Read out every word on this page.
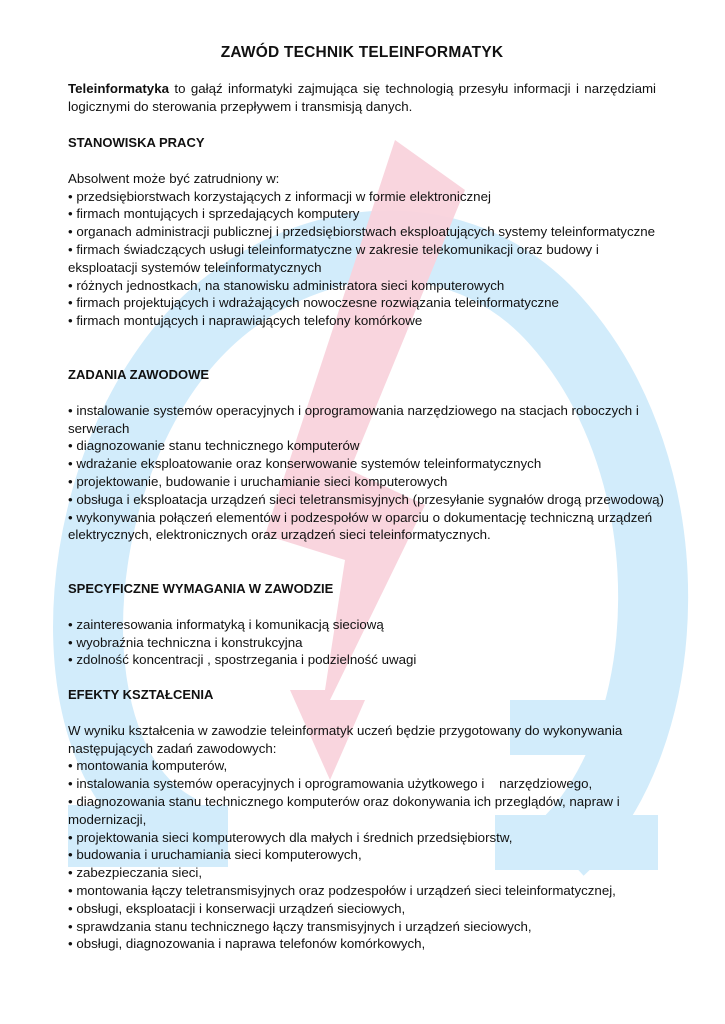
ZAWÓD TECHNIK TELEINFORMATYK

Teleinformatyka to gałąź informatyki zajmująca się technologią przesyłu informacji i narzędziami logicznymi do sterowania przepływem i transmisją danych.

STANOWISKA PRACY

Absolwent może być zatrudniony w:

• przedsiębiorstwach korzystających z informacji w formie elektronicznej
• firmach montujących i sprzedających komputery
• organach administracji publicznej i przedsiębiorstwach eksploatujących systemy teleinformatyczne
• firmach świadczących usługi teleinformatyczne w zakresie telekomunikacji oraz budowy i eksploatacji systemów teleinformatycznych
• różnych jednostkach, na stanowisku administratora sieci komputerowych
• firmach projektujących i wdrażających nowoczesne rozwiązania teleinformatyczne
• firmach montujących i naprawiających telefony komórkowe

ZADANIA ZAWODOWE

• instalowanie systemów operacyjnych i oprogramowania narzędziowego na stacjach roboczych i serwerach
• diagnozowanie stanu technicznego komputerów
• wdrażanie eksploatowanie oraz konserwowanie systemów teleinformatycznych
• projektowanie, budowanie i uruchamianie sieci komputerowych
• obsługa i eksploatacja urządzeń sieci teletransmisyjnych (przesyłanie sygnałów drogą przewodową)
• wykonywania połączeń elementów i podzespołów w oparciu o dokumentację techniczną urządzeń elektrycznych, elektronicznych oraz urządzeń sieci teleinformatycznych.

SPECYFICZNE WYMAGANIA W ZAWODZIE

• zainteresowania informatyką i komunikacją sieciową
• wyobraźnia techniczna i konstrukcyjna
• zdolność koncentracji , spostrzegania i podzielność uwagi

EFEKTY KSZTAŁCENIA

W wyniku kształcenia w zawodzie teleinformatyk uczeń będzie przygotowany do wykonywania następujących zadań zawodowych:

• montowania komputerów,
• instalowania systemów operacyjnych i oprogramowania użytkowego i    narzędziowego,
• diagnozowania stanu technicznego komputerów oraz dokonywania ich przeglądów, napraw i modernizacji,
• projektowania sieci komputerowych dla małych i średnich przedsiębiorstw,
• budowania i uruchamiania sieci komputerowych,
• zabezpieczania sieci,
• montowania łączy teletransmisyjnych oraz podzespołów i urządzeń sieci teleinformatycznej,
• obsługi, eksploatacji i konserwacji urządzeń sieciowych,
• sprawdzania stanu technicznego łączy transmisyjnych i urządzeń sieciowych,
• obsługi, diagnozowania i naprawa telefonów komórkowych,
